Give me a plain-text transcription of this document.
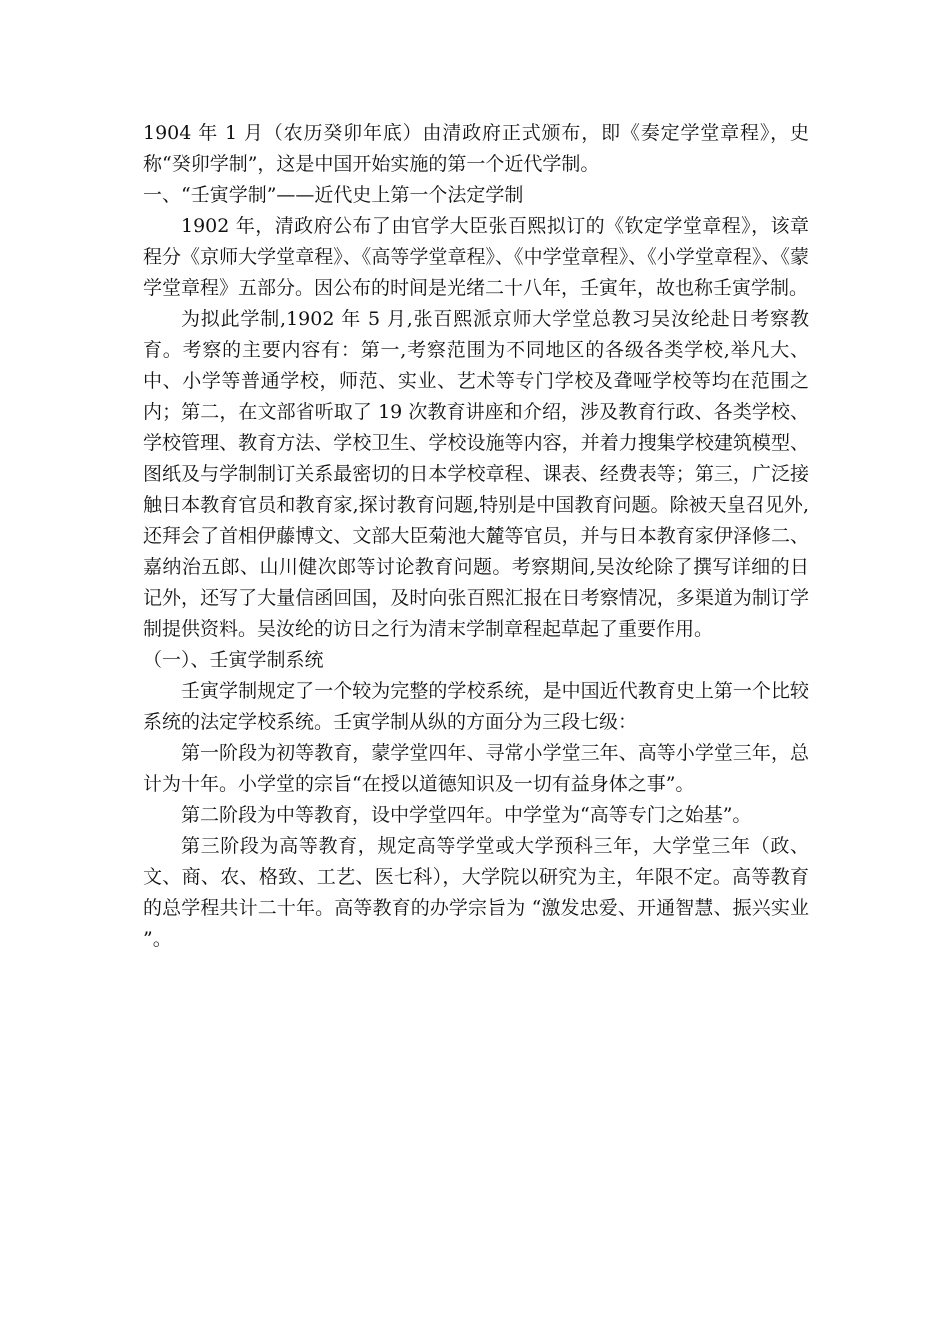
1904 年 1 月（农历癸卯年底）由清政府正式颁布，即《奏定学堂章程》，史称“癸卯学制”，这是中国开始实施的第一个近代学制。

一、“壬寅学制”——近代史上第一个法定学制

1902 年，清政府公布了由官学大臣张百熙拟订的《钦定学堂章程》，该章程分《京师大学堂章程》、《高等学堂章程》、《中学堂章程》、《小学堂章程》、《蒙学堂章程》五部分。因公布的时间是光绪二十八年，壬寅年，故也称壬寅学制。

为拟此学制,1902 年 5 月,张百熙派京师大学堂总教习吴汝纶赴日考察教育。考察的主要内容有：第一,考察范围为不同地区的各级各类学校,举凡大、中、小学等普通学校，师范、实业、艺术等专门学校及聋哑学校等均在范围之内；第二，在文部省听取了 19 次教育讲座和介绍，涉及教育行政、各类学校、学校管理、教育方法、学校卫生、学校设施等内容，并着力搜集学校建筑模型、图纸及与学制制订关系最密切的日本学校章程、课表、经费表等；第三，广泛接触日本教育官员和教育家,探讨教育问题,特别是中国教育问题。除被天皇召见外,还拜会了首相伊藤博文、文部大臣菊池大麓等官员，并与日本教育家伊泽修二、嘉纳治五郎、山川健次郎等讨论教育问题。考察期间,吴汝纶除了撰写详细的日记外，还写了大量信函回国，及时向张百熙汇报在日考察情况，多渠道为制订学制提供资料。吴汝纶的访日之行为清末学制章程起草起了重要作用。

（一）、壬寅学制系统

壬寅学制规定了一个较为完整的学校系统，是中国近代教育史上第一个比较系统的法定学校系统。壬寅学制从纵的方面分为三段七级：

第一阶段为初等教育，蒙学堂四年、寻常小学堂三年、高等小学堂三年，总计为十年。小学堂的宗旨“在授以道德知识及一切有益身体之事”。

第二阶段为中等教育，设中学堂四年。中学堂为“高等专门之始基”。

第三阶段为高等教育，规定高等学堂或大学预科三年，大学堂三年（政、文、商、农、格致、工艺、医七科），大学院以研究为主，年限不定。高等教育的总学程共计二十年。高等教育的办学宗旨为 “激发忠爱、开通智慧、振兴实业 ”。
